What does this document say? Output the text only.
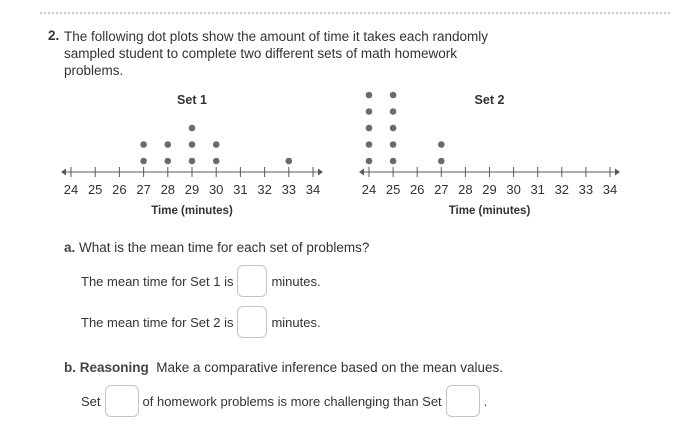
2. The following dot plots show the amount of time it takes each randomly sampled student to complete two different sets of math homework problems.
Set 1
24 25 26 27 28 29 30 31 32 33 34
Time (minutes)
Set 2
24 25 26 27 28 29 30 31 32 33 34
Time (minutes)
a. What is the mean time for each set of problems?
The mean time for Set 1 is	minutes.
The mean time for Set 2 is	minutes.
b. Reasoning Make a comparative inference based on the mean values.
Set	of homework problems is more challenging than Set	.
